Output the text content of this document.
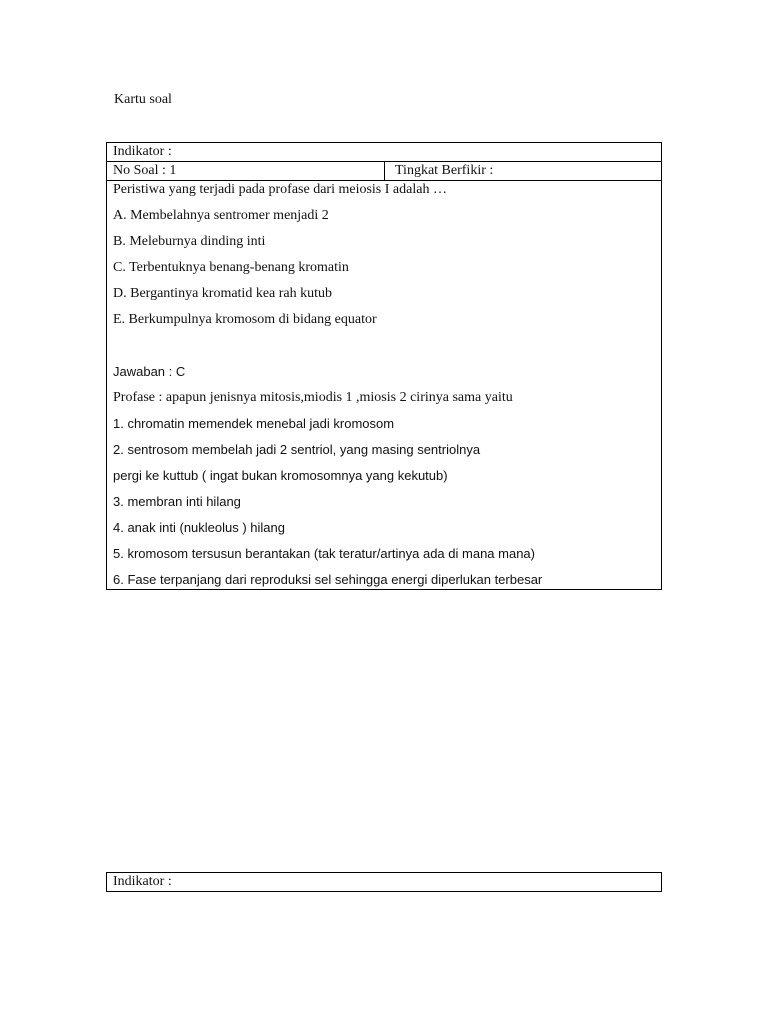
Kartu soal
Indikator :
No Soal : 1	Tingkat Berfikir :
Peristiwa yang terjadi pada profase dari meiosis I adalah …
A. Membelahnya sentromer menjadi 2
B. Meleburnya dinding inti
C. Terbentuknya benang-benang kromatin
D. Bergantinya kromatid kea rah kutub
E. Berkumpulnya kromosom di bidang equator
Jawaban : C
Profase : apapun jenisnya mitosis,miodis 1 ,miosis 2 cirinya sama yaitu
1. chromatin memendek menebal jadi kromosom
2. sentrosom membelah jadi 2 sentriol, yang masing sentriolnya
pergi ke kuttub ( ingat bukan kromosomnya yang kekutub)
3. membran inti hilang
4. anak inti (nukleolus ) hilang
5. kromosom tersusun berantakan (tak teratur/artinya ada di mana mana)
6. Fase terpanjang dari reproduksi sel sehingga energi diperlukan terbesar
Indikator :
